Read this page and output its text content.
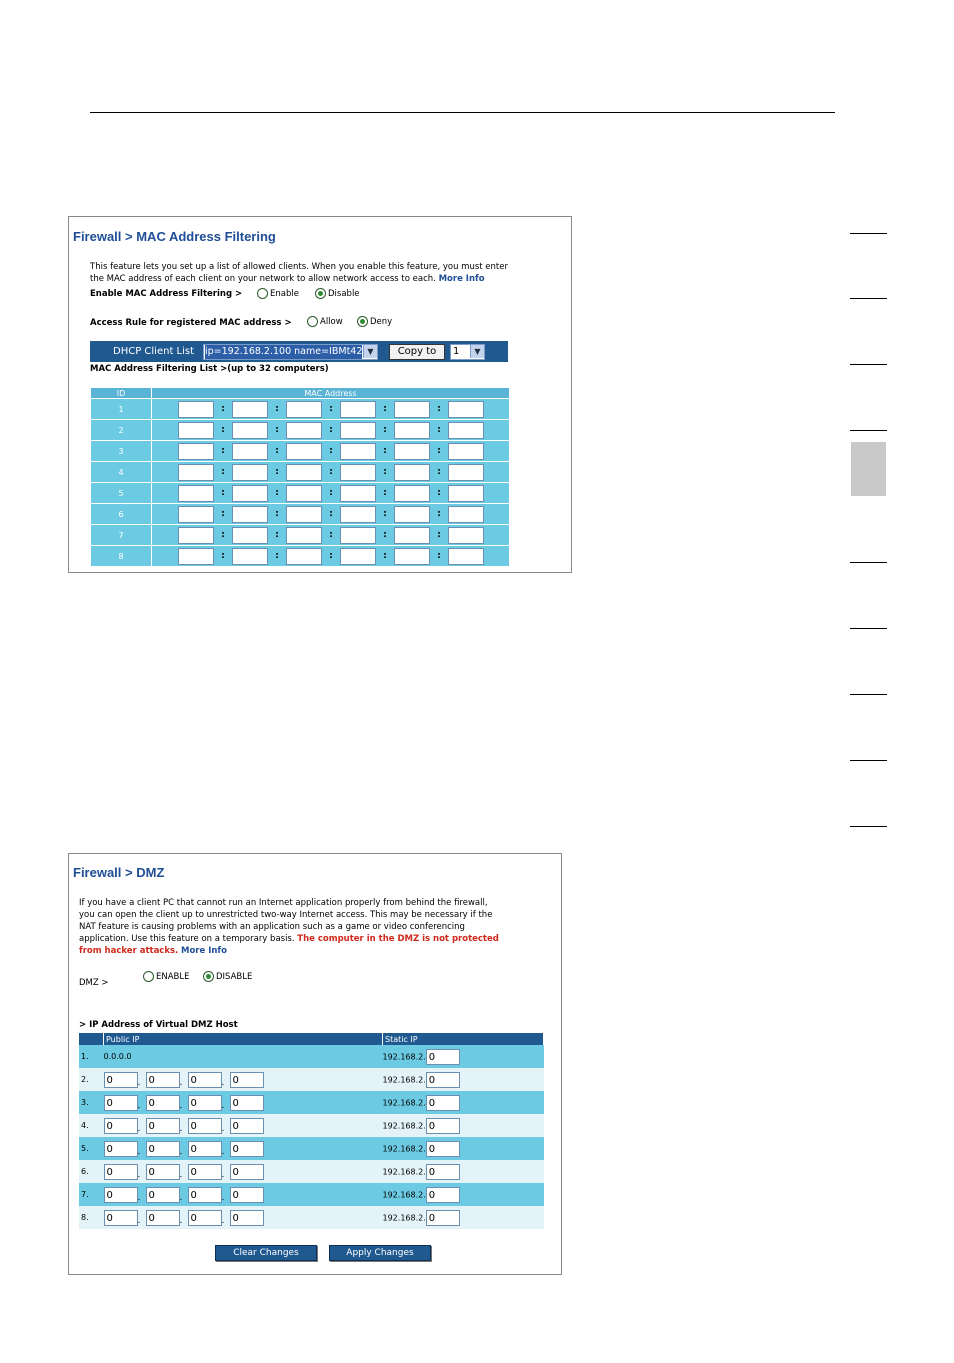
Firewall > MAC Address Filtering
This feature lets you set up a list of allowed clients. When you enable this feature, you must enter
the MAC address of each client on your network to allow network access to each. More Info
Enable MAC Address Filtering >	Enable	Disable
Access Rule for registered MAC address >	Allow	Deny
DHCP Client List ip=192.168.2.100 name=IBMt42 ▼	Copy to	1	▼
MAC Address Filtering List >(up to 32 computers)
ID	MAC Address
1	: : : : :
2	: : : : :
3	: : : : :
4	: : : : :
5	: : : : :
6	: : : : :
7	: : : : :
8	: : : : :
Firewall > DMZ
If you have a client PC that cannot run an Internet application properly from behind the firewall,
you can open the client up to unrestricted two-way Internet access. This may be necessary if the
NAT feature is causing problems with an application such as a game or video conferencing
application. Use this feature on a temporary basis. The computer in the DMZ is not protected
from hacker attacks. More Info
DMZ >
ENABLE	DISABLE
> IP Address of Virtual DMZ Host
	Public IP	Static IP
1.	0.0.0.0	192.168.2. 0
2.	0 . 0 . 0 . 0	192.168.2. 0
3.	0 . 0 . 0 . 0	192.168.2. 0
4.	0 . 0 . 0 . 0	192.168.2. 0
5.	0 . 0 . 0 . 0	192.168.2. 0
6.	0 . 0 . 0 . 0	192.168.2. 0
7.	0 . 0 . 0 . 0	192.168.2. 0
8.	0 . 0 . 0 . 0	192.168.2. 0
Clear Changes	Apply Changes
